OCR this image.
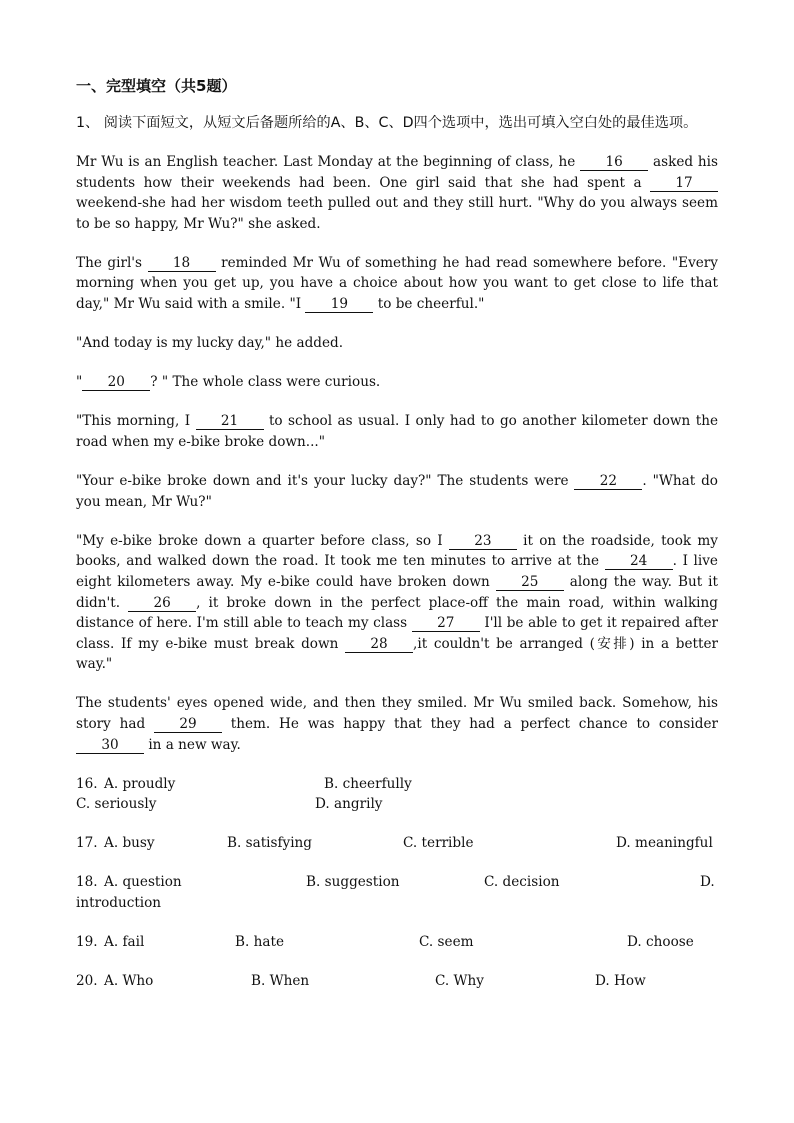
一、完型填空（共5题）
1、 阅读下面短文，从短文后备题所给的A、B、C、D四个选项中，选出可填入空白处的最佳选项。
Mr Wu is an English teacher. Last Monday at the beginning of class, he 16 asked his students how their weekends had been. One girl said that she had spent a 17 weekend-she had her wisdom teeth pulled out and they still hurt. "Why do you always seem to be so happy, Mr Wu?" she asked.
The girl's 18 reminded Mr Wu of something he had read somewhere before. "Every morning when you get up, you have a choice about how you want to get close to life that day," Mr Wu said with a smile. "I 19 to be cheerful."
"And today is my lucky day," he added.
" 20 ? " The whole class were curious.
"This morning, I 21 to school as usual. I only had to go another kilometer down the road when my e-bike broke down..."
"Your e-bike broke down and it's your lucky day?" The students were 22 . "What do you mean, Mr Wu?"
"My e-bike broke down a quarter before class, so I 23 it on the roadside, took my books, and walked down the road. It took me ten minutes to arrive at the 24 . I live eight kilometers away. My e-bike could have broken down 25 along the way. But it didn't. 26 , it broke down in the perfect place-off the main road, within walking distance of here. I'm still able to teach my class 27 I'll be able to get it repaired after class. If my e-bike must break down 28 ,it couldn't be arranged (安排) in a better way."
The students' eyes opened wide, and then they smiled. Mr Wu smiled back. Somehow, his story had 29 them. He was happy that they had a perfect chance to consider 30 in a new way.
16. A. proudly	B. cheerfully
C. seriously	D. angrily
17. A. busy	B. satisfying	C. terrible	D. meaningful
18. A. question	B. suggestion	C. decision	D.
introduction
19. A. fail	B. hate	C. seem	D. choose
20. A. Who	B. When	C. Why	D. How
